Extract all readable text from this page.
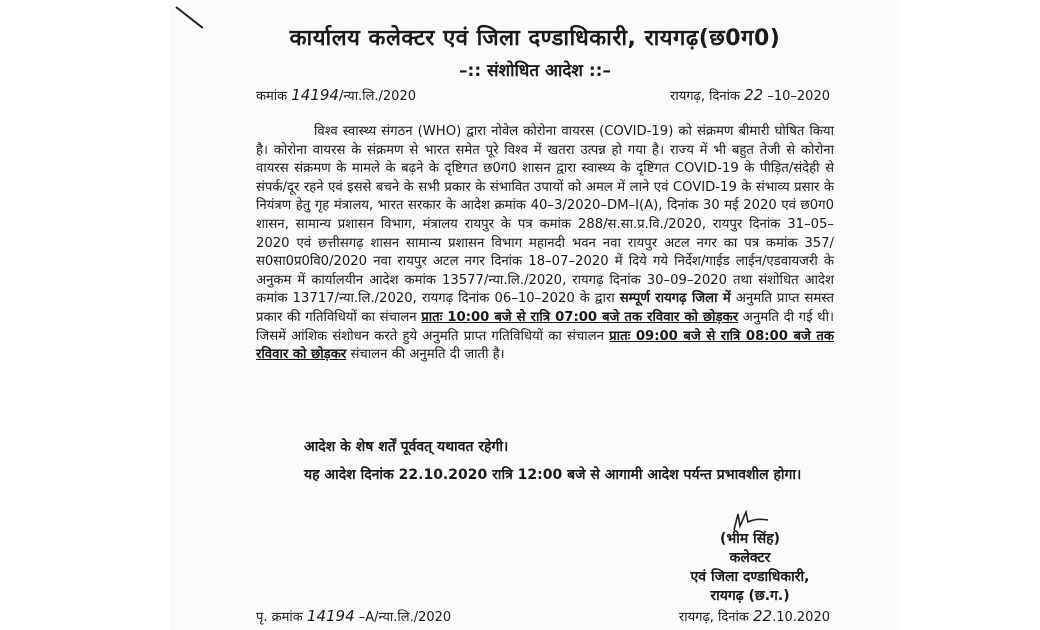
कार्यालय कलेक्टर एवं जिला दण्डाधिकारी, रायगढ़(छ0ग0)
–:: संशोधित आदेश ::–
कमांक 14194/न्या.लि./2020	रायगढ़, दिनांक 22 –10–2020

विश्व स्वास्थ्य संगठन (WHO) द्वारा नोवेल कोरोना वायरस (COVID-19) को संक्रमण बीमारी घोषित किया है। कोरोना वायरस के संक्रमण से भारत समेत पूरे विश्व में खतरा उत्पन्न हो गया है। राज्य में भी बहुत तेजी से कोरोना वायरस संक्रमण के मामले के बढ़ने के दृष्टिगत छ0ग0 शासन द्वारा स्वास्थ्य के दृष्टिगत COVID-19 के पीड़ित/संदेही से संपर्क/दूर रहने एवं इससे बचने के सभी प्रकार के संभावित उपायों को अमल में लाने एवं COVID-19 के संभाव्य प्रसार के नियंत्रण हेतु गृह मंत्रालय, भारत सरकार के आदेश क्रमांक 40–3/2020–DM–I(A), दिनांक 30 मई 2020 एवं छ0ग0 शासन, सामान्य प्रशासन विभाग, मंत्रालय रायपुर के पत्र कमांक 288/स.सा.प्र.वि./2020, रायपुर दिनांक 31–05–2020 एवं छत्तीसगढ़ शासन सामान्य प्रशासन विभाग महानदी भवन नवा रायपुर अटल नगर का पत्र कमांक 357/स0सा0प्र0वि0/2020 नवा रायपुर अटल नगर दिनांक 18–07–2020 में दिये गये निर्देश/गाईड लाईन/एडवायजरी के अनुकम में कार्यालयीन आदेश कमांक 13577/न्या.लि./2020, रायगढ़ दिनांक 30–09–2020 तथा संशोधित आदेश कमांक 13717/न्या.लि./2020, रायगढ़ दिनांक 06–10–2020 के द्वारा सम्पूर्ण रायगढ़ जिला में अनुमति प्राप्त समस्त प्रकार की गतिविधियों का संचालन प्रातः 10:00 बजे से रात्रि 07:00 बजे तक रविवार को छोड़कर अनुमति दी गई थी। जिसमें आंशिक संशोधन करते हुये अनुमति प्राप्त गतिविधियों का संचालन प्रातः 09:00 बजे से रात्रि 08:00 बजे तक रविवार को छोड़कर संचालन की अनुमति दी जाती है।

आदेश के शेष शर्तें पूर्ववत् यथावत रहेगी।
यह आदेश दिनांक 22.10.2020 रात्रि 12:00 बजे से आगामी आदेश पर्यन्त प्रभावशील होगा।
(भीम सिंह)
कलेक्टर
एवं जिला दण्डाधिकारी,
रायगढ़ (छ.ग.)
पृ. क्रमांक 14194 –A/न्या.लि./2020	रायगढ़, दिनांक 22.10.2020
